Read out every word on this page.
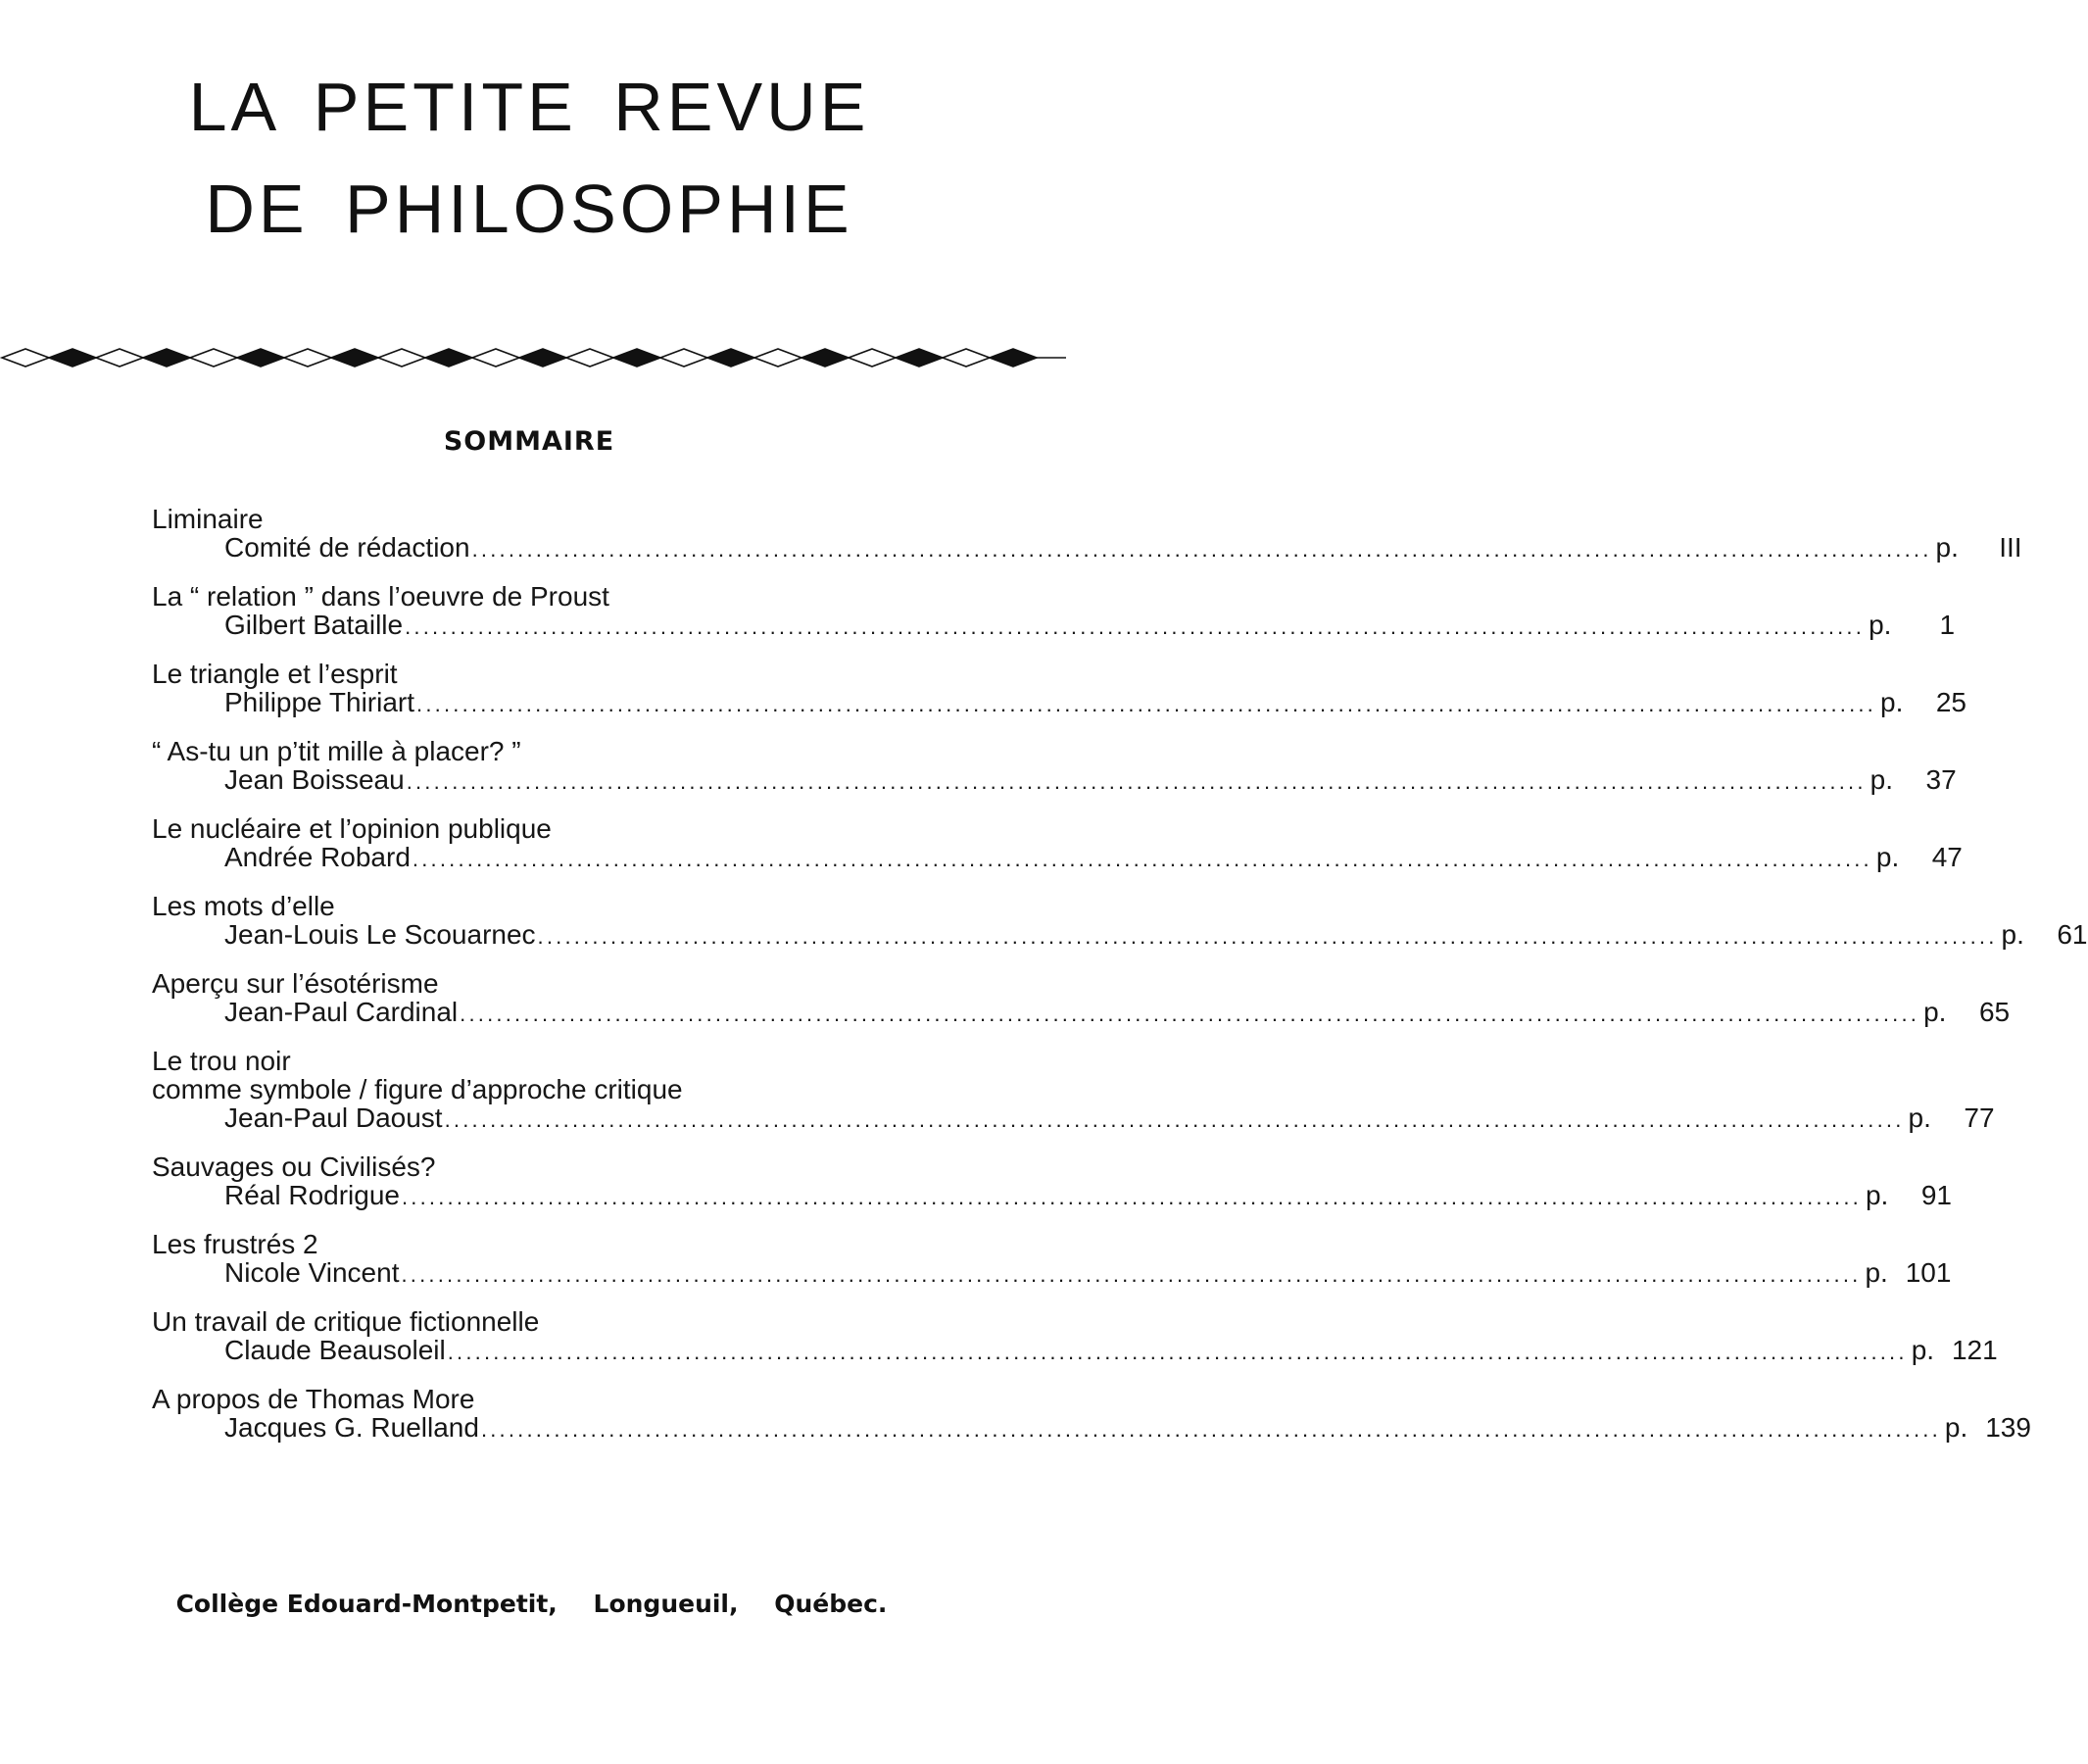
LA PETITE REVUE
DE PHILOSOPHIE
SOMMAIRE
Liminaire
Comité de rédaction ................................................................................................................................................................ p.	III
La “ relation ” dans l’oeuvre de Proust
Gilbert Bataille ................................................................................................................................................................ p.	1
Le triangle et l’esprit
Philippe Thiriart ................................................................................................................................................................ p.	25
“ As-tu un p’tit mille à placer? ”
Jean Boisseau ................................................................................................................................................................ p.	37
Le nucléaire et l’opinion publique
Andrée Robard ................................................................................................................................................................ p.	47
Les mots d’elle
Jean-Louis Le Scouarnec ................................................................................................................................................................ p.	61
Aperçu sur l’ésotérisme
Jean-Paul Cardinal ................................................................................................................................................................ p.	65
Le trou noir
comme symbole / figure d’approche critique
Jean-Paul Daoust ................................................................................................................................................................ p.	77
Sauvages ou Civilisés?
Réal Rodrigue ................................................................................................................................................................ p.	91
Les frustrés 2
Nicole Vincent ................................................................................................................................................................ p. 101
Un travail de critique fictionnelle
Claude Beausoleil ................................................................................................................................................................ p. 121
A propos de Thomas More
Jacques G. Ruelland ................................................................................................................................................................ p. 139
Collège Edouard-Montpetit, Longueuil, Québec.
